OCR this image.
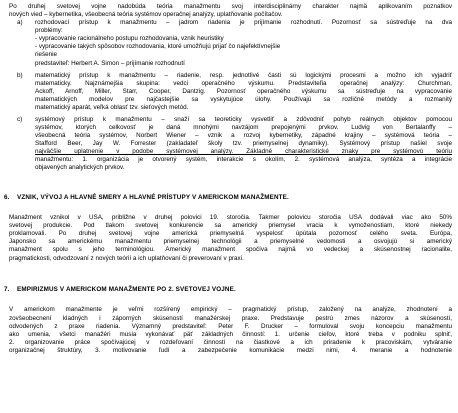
Po druhej svetovej vojne nadobúda teória manažmentu svoj interdisciplinárny charakter najmä aplikovaním poznatkov
nových vied – kybernetika, všeobecná teória systémov operačnej analýzy, uplatňovanie počítačov.
a) rozhodovací prístup k manažmentu – jadrom riadenia je prijímanie rozhodnutí. Pozornosť sa sústreďuje na dva
problémy:
- vypracovanie racionálneho postupu rozhodovania, vznik heuristiky
- vypracovanie takých spôsobov rozhodovania, ktoré umožňujú prijať čo najefektívnejšie
riešenie
predstaviteľ: Herbert A. Simon – prijímanie rozhodnutí
b) matematický prístup k manažmentu – riadenie, resp. jednotlivé časti sú logickými procesmi a možno ich vyjadriť
matematicky. Najznámejšia skupina: vedci operačného výskumu. Predstaviteľia operačnej analýzy: Churchman,
Ackoff, Arnoff, Miller, Starr, Cooper, Dantzig. Pozornosť operačného výskumu sa sústreďuje na vypracovanie
matematických modelov pre najčastejšie sa vyskytujúce úlohy. Používajú sa rozličné metódy a rozmanitý
matematický aparát, veľká oblasť tzv. sieťových metód.
c) systémový prístup k manažmentu – snaží sa teoreticky vysvetliť a zdôvodniť pohyb reálnych objektov pomocou
systémov, ktorých celkovosť je daná mnohými navzájom prepojenými prvkov. Ludvig von Bertalanffy –
všeobecná teória systémov, Norbert Wiener – vznik a rozvoj kybernetiky, západné krajiny – systémová teória –
Stafford Beer, Jay W. Forrester (zakladateľ školy tzv. priemyselnej dynamiky). Systémový prístup našiel svoje
najväčšie uplatnenie v podobe systémovej analýzy. Základné charakteristické znaky pre systémovú teóriu
manažmentu: 1. organizácia je otvorený systém, interakcie s okolím, 2. systémová analýza, syntéza a integrácie
objavených analytických prvkov.
6. VZNIK, VÝVOJ A HLAVNÉ SMERY A HLAVNÉ PRÍSTUPY V AMERICKOM MANAŽMENTE.
Manažment vznikol v USA, približne v druhej polovici 19. storočia. Takmer polovicu storočia USA dodávali viac ako 50%
svetovej produkcie. Pod tlakom svetovej konkurencie sa americký priemysel vracia k vymoženostiam, ktoré niekedy
proklamovali. Po druhej svetovej vojne americká priemyselná vyspelosť úpútala pozornosť celého sveta. Európa,
Japonsko sa americkému manažmentu priemyselnej technológii a priemyselné vedomosti a osvojujú si americký
manažment spolu s jeho terminológiou. Americký manažment spočíva najmä vo vedeckej a skúsenostnej racionalite,
pragmatickosti, odvodzovaní z nových teórií a ich uplatňovaní či preverovaní v praxi.
7. EMPIRIZMUS V AMERICKOM MANAŽMENTE PO 2. SVETOVEJ VOJNE.
V americkom manažmente je veľmi rozšírený empirický – pragmatický prístup, založený na analýze, zhodnotení a
zovšeobecnení kladných i záporných skúseností manažérskej praxe. Predstavuje pestrú zmes názorov a skúseností,
odvodených z praxe riadenia. Významný predstaviteľ: Peter F. Drucker – formuloval svoju koncepciu manažmentu
ako umenia, všetci manažéri musia vykonávať päť základných činností: 1. určenie cieľov, ktoré treba v podniku splniť,
2. organizovanie práce spočívajúcej v rozdeľovaní činností na čiastkové a ich priradenie k pracoviskám, vytváranie
organizačnej štruktúry, 3. motivovanie ľudí a zabezpečenie komunikácie medzi nimi, 4. meranie a hodnotenie
